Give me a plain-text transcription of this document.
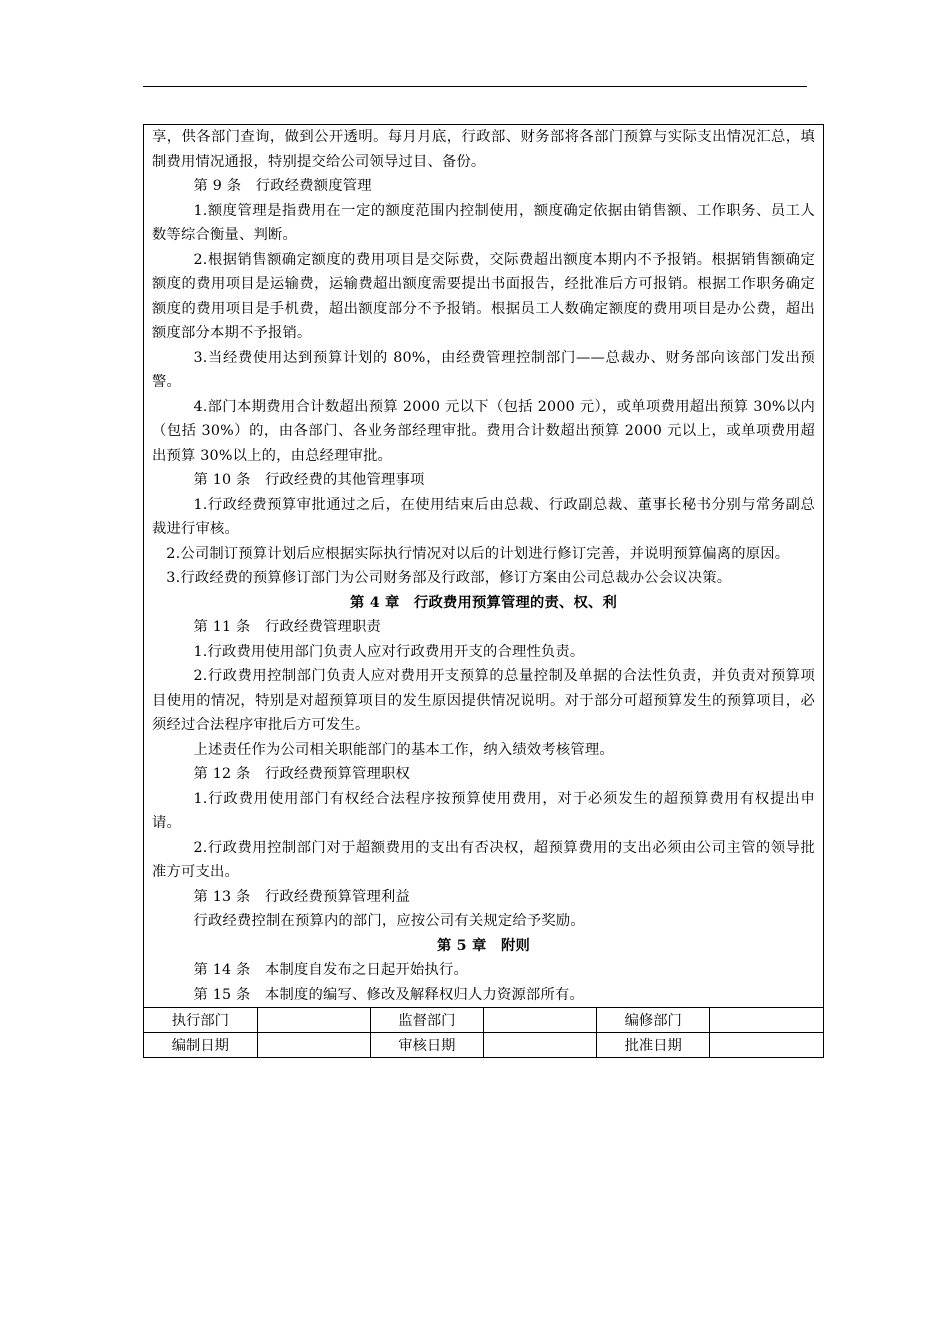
享，供各部门查询，做到公开透明。每月月底，行政部、财务部将各部门预算与实际支出情况汇总，填制费用情况通报，特别提交给公司领导过目、备份。

第 9 条　行政经费额度管理

1.额度管理是指费用在一定的额度范围内控制使用，额度确定依据由销售额、工作职务、员工人数等综合衡量、判断。

2.根据销售额确定额度的费用项目是交际费，交际费超出额度本期内不予报销。根据销售额确定额度的费用项目是运输费，运输费超出额度需要提出书面报告，经批准后方可报销。根据工作职务确定额度的费用项目是手机费，超出额度部分不予报销。根据员工人数确定额度的费用项目是办公费，超出额度部分本期不予报销。

3.当经费使用达到预算计划的 80%，由经费管理控制部门——总裁办、财务部向该部门发出预警。

4.部门本期费用合计数超出预算 2000 元以下（包括 2000 元），或单项费用超出预算 30%以内（包括 30%）的，由各部门、各业务部经理审批。费用合计数超出预算 2000 元以上，或单项费用超出预算 30%以上的，由总经理审批。

第 10 条　行政经费的其他管理事项

1.行政经费预算审批通过之后，在使用结束后由总裁、行政副总裁、董事长秘书分别与常务副总裁进行审核。

2.公司制订预算计划后应根据实际执行情况对以后的计划进行修订完善，并说明预算偏离的原因。

3.行政经费的预算修订部门为公司财务部及行政部，修订方案由公司总裁办公会议决策。

第 4 章　行政费用预算管理的责、权、利

第 11 条　行政经费管理职责

1.行政费用使用部门负责人应对行政费用开支的合理性负责。

2.行政费用控制部门负责人应对费用开支预算的总量控制及单据的合法性负责，并负责对预算项目使用的情况，特别是对超预算项目的发生原因提供情况说明。对于部分可超预算发生的预算项目，必须经过合法程序审批后方可发生。

上述责任作为公司相关职能部门的基本工作，纳入绩效考核管理。

第 12 条　行政经费预算管理职权

1.行政费用使用部门有权经合法程序按预算使用费用，对于必须发生的超预算费用有权提出申请。

2.行政费用控制部门对于超额费用的支出有否决权，超预算费用的支出必须由公司主管的领导批准方可支出。

第 13 条　行政经费预算管理利益

行政经费控制在预算内的部门，应按公司有关规定给予奖励。

第 5 章　附则

第 14 条　本制度自发布之日起开始执行。

第 15 条　本制度的编写、修改及解释权归人力资源部所有。

执行部门		监督部门		编修部门	
编制日期		审核日期		批准日期	
